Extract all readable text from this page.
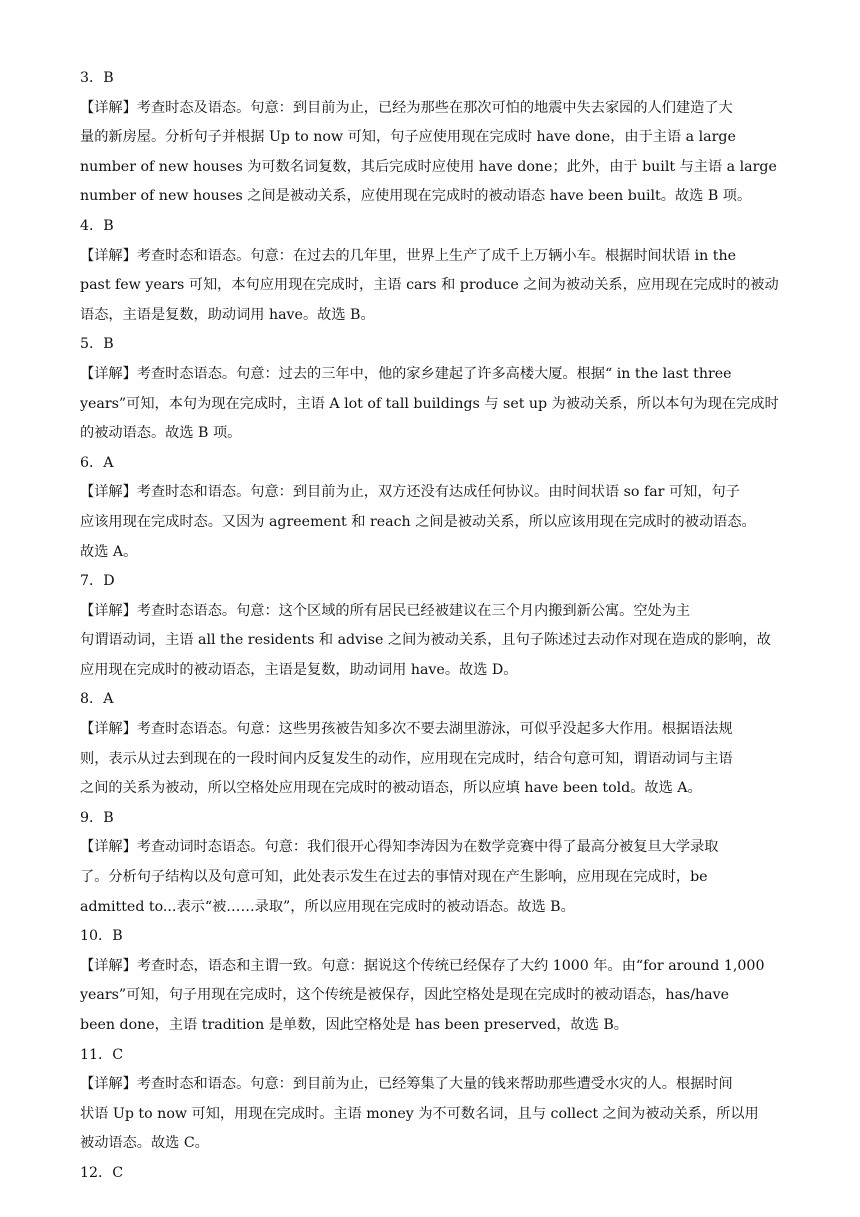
3．B
【详解】考查时态及语态。句意：到目前为止，已经为那些在那次可怕的地震中失去家园的人们建造了大
量的新房屋。分析句子并根据 Up to now 可知，句子应使用现在完成时 have done，由于主语 a large
number of new houses 为可数名词复数，其后完成时应使用 have done；此外，由于 built 与主语 a large
number of new houses 之间是被动关系，应使用现在完成时的被动语态 have been built。故选 B 项。
4．B
【详解】考查时态和语态。句意：在过去的几年里，世界上生产了成千上万辆小车。根据时间状语 in the
past few years 可知，本句应用现在完成时，主语 cars 和 produce 之间为被动关系，应用现在完成时的被动
语态，主语是复数，助动词用 have。故选 B。
5．B
【详解】考查时态语态。句意：过去的三年中，他的家乡建起了许多高楼大厦。根据“ in the last three
years”可知，本句为现在完成时，主语 A lot of tall buildings 与 set up 为被动关系，所以本句为现在完成时
的被动语态。故选 B 项。
6．A
【详解】考查时态和语态。句意：到目前为止，双方还没有达成任何协议。由时间状语 so far 可知，句子
应该用现在完成时态。又因为 agreement 和 reach 之间是被动关系，所以应该用现在完成时的被动语态。
故选 A。
7．D
【详解】考查时态语态。句意：这个区域的所有居民已经被建议在三个月内搬到新公寓。空处为主
句谓语动词，主语 all the residents 和 advise 之间为被动关系，且句子陈述过去动作对现在造成的影响，故
应用现在完成时的被动语态，主语是复数，助动词用 have。故选 D。
8．A
【详解】考查时态语态。句意：这些男孩被告知多次不要去湖里游泳，可似乎没起多大作用。根据语法规
则，表示从过去到现在的一段时间内反复发生的动作，应用现在完成时，结合句意可知，谓语动词与主语
之间的关系为被动，所以空格处应用现在完成时的被动语态，所以应填 have been told。故选 A。
9．B
【详解】考查动词时态语态。句意：我们很开心得知李涛因为在数学竞赛中得了最高分被复旦大学录取
了。分析句子结构以及句意可知，此处表示发生在过去的事情对现在产生影响，应用现在完成时，be
admitted to...表示“被……录取”，所以应用现在完成时的被动语态。故选 B。
10．B
【详解】考查时态，语态和主谓一致。句意：据说这个传统已经保存了大约 1000 年。由“for around 1,000
years”可知，句子用现在完成时，这个传统是被保存，因此空格处是现在完成时的被动语态，has/have
been done，主语 tradition 是单数，因此空格处是 has been preserved，故选 B。
11．C
【详解】考查时态和语态。句意：到目前为止，已经筹集了大量的钱来帮助那些遭受水灾的人。根据时间
状语 Up to now 可知，用现在完成时。主语 money 为不可数名词，且与 collect 之间为被动关系，所以用
被动语态。故选 C。
12．C
